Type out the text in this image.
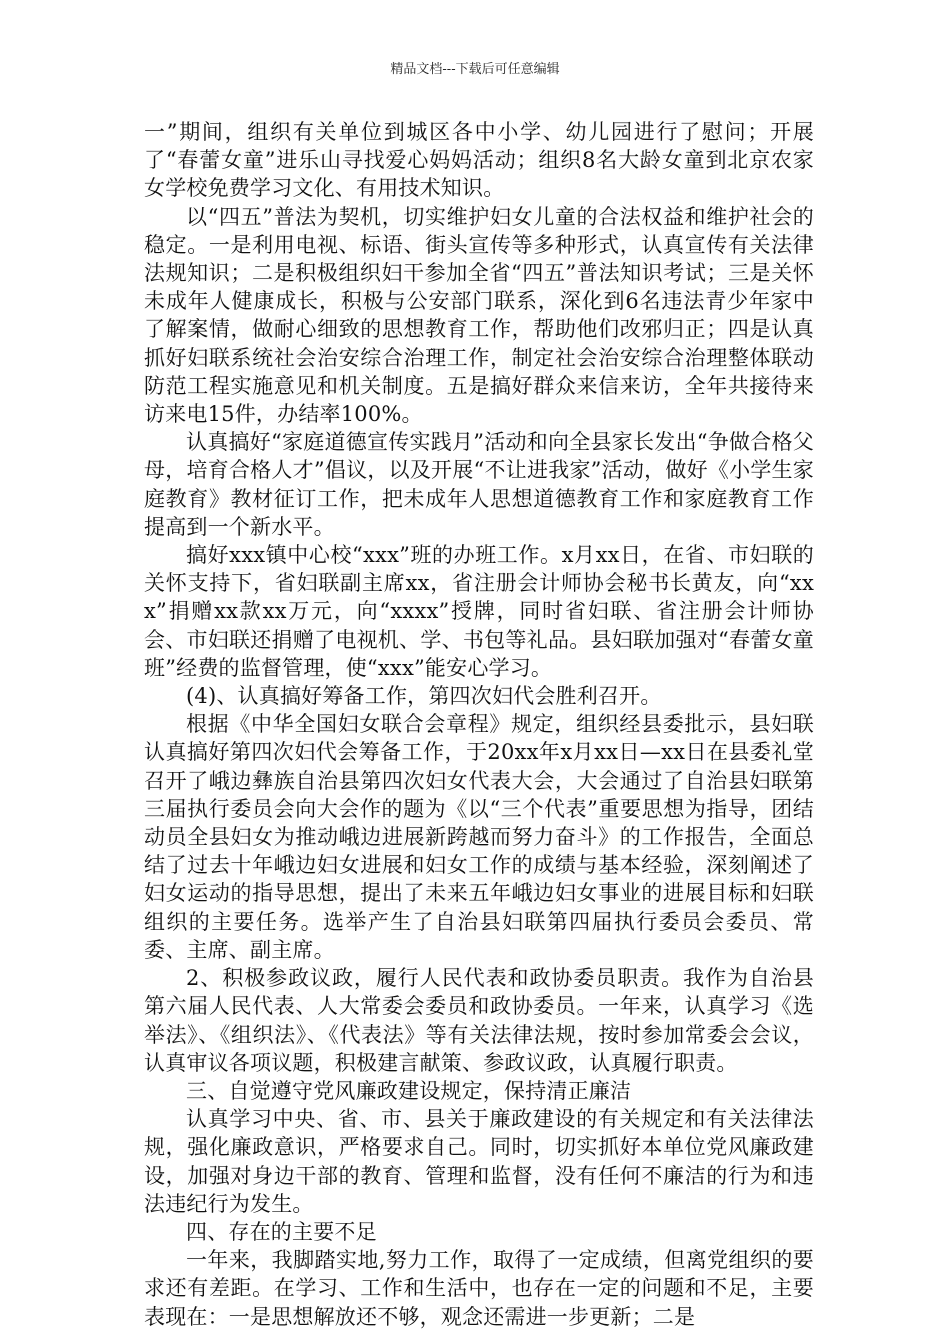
精品文档---下载后可任意编辑

一”期间，组织有关单位到城区各中小学、幼儿园进行了慰问；开展了“春蕾女童”进乐山寻找爱心妈妈活动；组织8名大龄女童到北京农家女学校免费学习文化、有用技术知识。

以“四五”普法为契机，切实维护妇女儿童的合法权益和维护社会的稳定。一是利用电视、标语、街头宣传等多种形式，认真宣传有关法律法规知识；二是积极组织妇干参加全省“四五”普法知识考试；三是关怀未成年人健康成长，积极与公安部门联系，深化到6名违法青少年家中了解案情，做耐心细致的思想教育工作，帮助他们改邪归正；四是认真抓好妇联系统社会治安综合治理工作，制定社会治安综合治理整体联动防范工程实施意见和机关制度。五是搞好群众来信来访，全年共接待来访来电15件，办结率100%。

认真搞好“家庭道德宣传实践月”活动和向全县家长发出“争做合格父母，培育合格人才”倡议，以及开展“不让进我家”活动，做好《小学生家庭教育》教材征订工作，把未成年人思想道德教育工作和家庭教育工作提高到一个新水平。

搞好xxx镇中心校“xxx”班的办班工作。x月xx日，在省、市妇联的关怀支持下，省妇联副主席xx，省注册会计师协会秘书长黄友，向“xxx”捐赠xx款xx万元，向“xxxx”授牌，同时省妇联、省注册会计师协会、市妇联还捐赠了电视机、学、书包等礼品。县妇联加强对“春蕾女童班”经费的监督管理，使“xxx”能安心学习。

(4)、认真搞好筹备工作，第四次妇代会胜利召开。

根据《中华全国妇女联合会章程》规定，组织经县委批示，县妇联认真搞好第四次妇代会筹备工作，于20xx年x月xx日—xx日在县委礼堂召开了峨边彝族自治县第四次妇女代表大会，大会通过了自治县妇联第三届执行委员会向大会作的题为《以“三个代表”重要思想为指导，团结动员全县妇女为推动峨边进展新跨越而努力奋斗》的工作报告，全面总结了过去十年峨边妇女进展和妇女工作的成绩与基本经验，深刻阐述了妇女运动的指导思想，提出了未来五年峨边妇女事业的进展目标和妇联组织的主要任务。选举产生了自治县妇联第四届执行委员会委员、常委、主席、副主席。

2、积极参政议政，履行人民代表和政协委员职责。我作为自治县第六届人民代表、人大常委会委员和政协委员。一年来，认真学习《选举法》、《组织法》、《代表法》等有关法律法规，按时参加常委会会议，认真审议各项议题，积极建言献策、参政议政，认真履行职责。

三、自觉遵守党风廉政建设规定，保持清正廉洁

认真学习中央、省、市、县关于廉政建设的有关规定和有关法律法规，强化廉政意识，严格要求自己。同时，切实抓好本单位党风廉政建设，加强对身边干部的教育、管理和监督，没有任何不廉洁的行为和违法违纪行为发生。

四、存在的主要不足

一年来，我脚踏实地,努力工作，取得了一定成绩，但离党组织的要求还有差距。在学习、工作和生活中，也存在一定的问题和不足，主要表现在：一是思想解放还不够，观念还需进一步更新；二是
